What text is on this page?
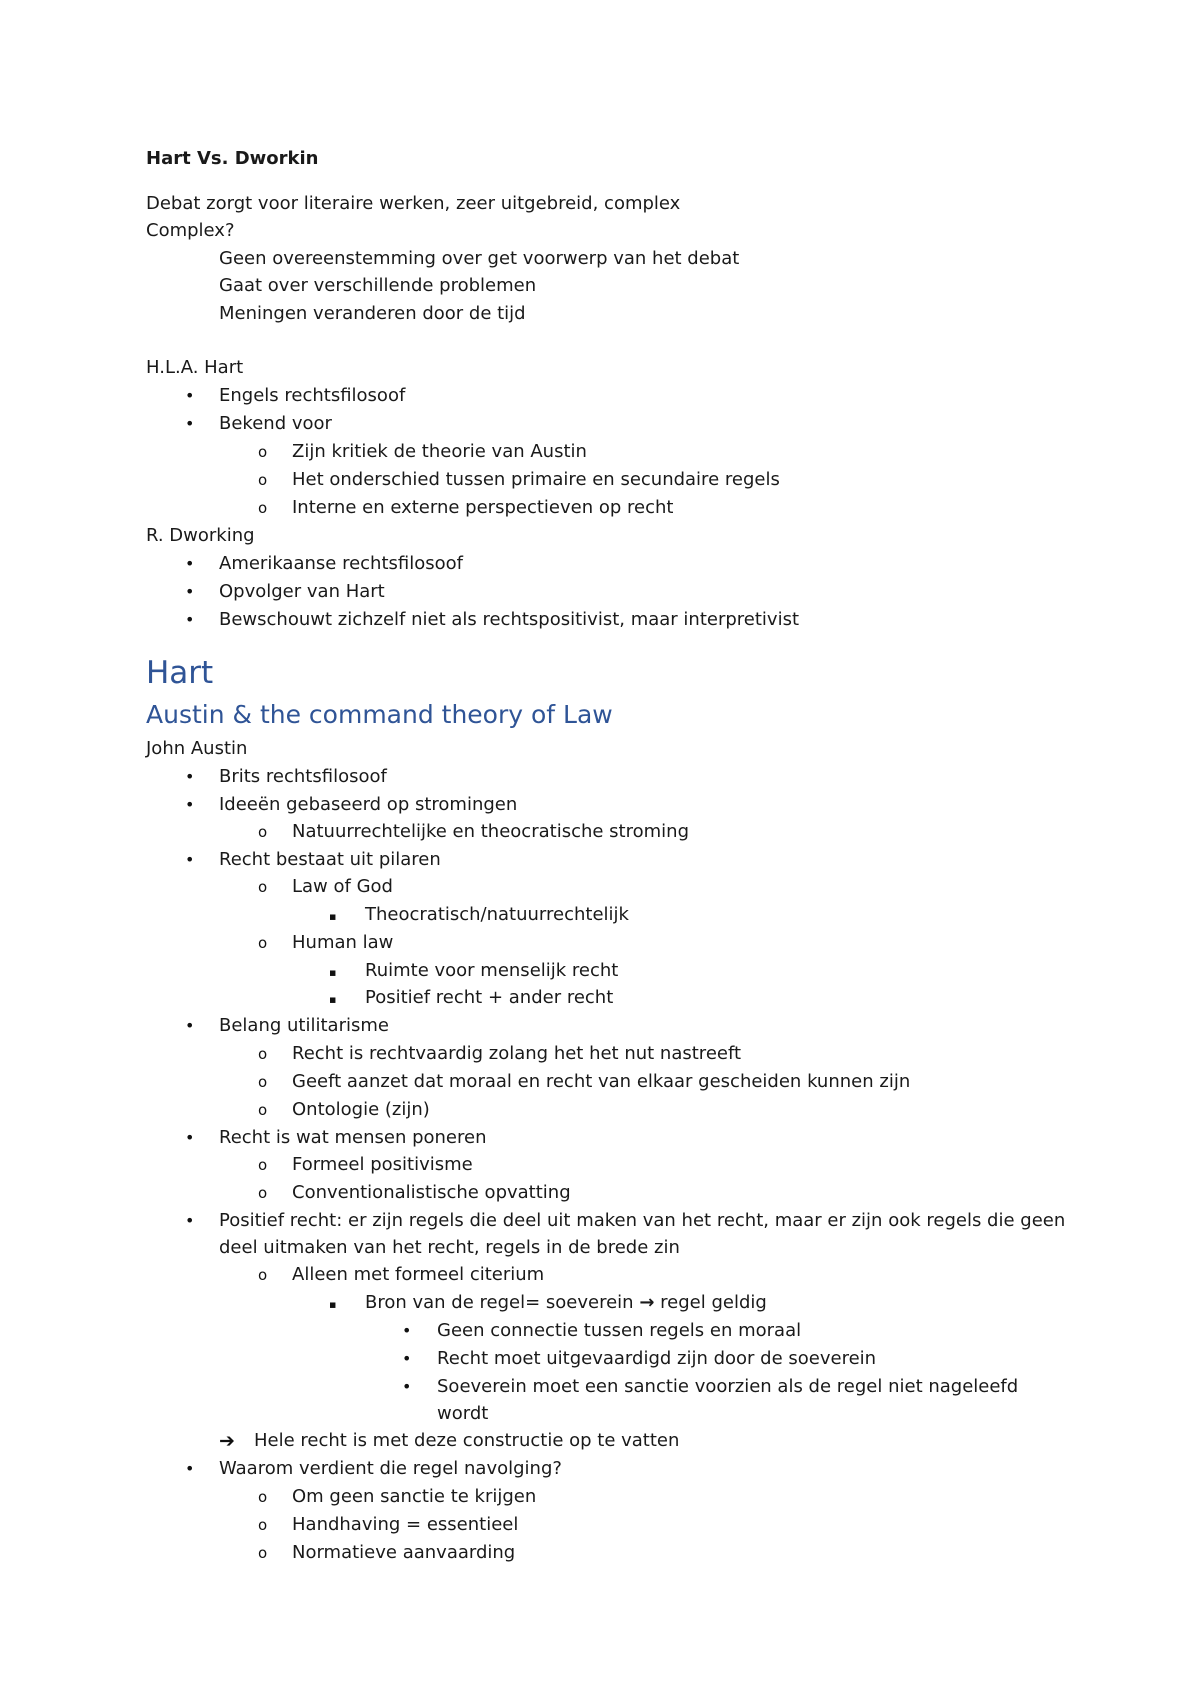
Hart Vs. Dworkin
Debat zorgt voor literaire werken, zeer uitgebreid, complex
Complex?
Geen overeenstemming over get voorwerp van het debat
Gaat over verschillende problemen
Meningen veranderen door de tijd
H.L.A. Hart
• Engels rechtsfilosoof
• Bekend voor
o Zijn kritiek de theorie van Austin
o Het onderschied tussen primaire en secundaire regels
o Interne en externe perspectieven op recht
R. Dworking
• Amerikaanse rechtsfilosoof
• Opvolger van Hart
• Bewschouwt zichzelf niet als rechtspositivist, maar interpretivist
Hart
Austin & the command theory of Law
John Austin
• Brits rechtsfilosoof
• Ideeën gebaseerd op stromingen
o Natuurrechtelijke en theocratische stroming
• Recht bestaat uit pilaren
o Law of God
▪ Theocratisch/natuurrechtelijk
o Human law
▪ Ruimte voor menselijk recht
▪ Positief recht + ander recht
• Belang utilitarisme
o Recht is rechtvaardig zolang het het nut nastreeft
o Geeft aanzet dat moraal en recht van elkaar gescheiden kunnen zijn
o Ontologie (zijn)
• Recht is wat mensen poneren
o Formeel positivisme
o Conventionalistische opvatting
• Positief recht: er zijn regels die deel uit maken van het recht, maar er zijn ook regels die geen
deel uitmaken van het recht, regels in de brede zin
o Alleen met formeel citerium
▪ Bron van de regel= soeverein → regel geldig
• Geen connectie tussen regels en moraal
• Recht moet uitgevaardigd zijn door de soeverein
• Soeverein moet een sanctie voorzien als de regel niet nageleefd
wordt
➔ Hele recht is met deze constructie op te vatten
• Waarom verdient die regel navolging?
o Om geen sanctie te krijgen
o Handhaving = essentieel
o Normatieve aanvaarding
